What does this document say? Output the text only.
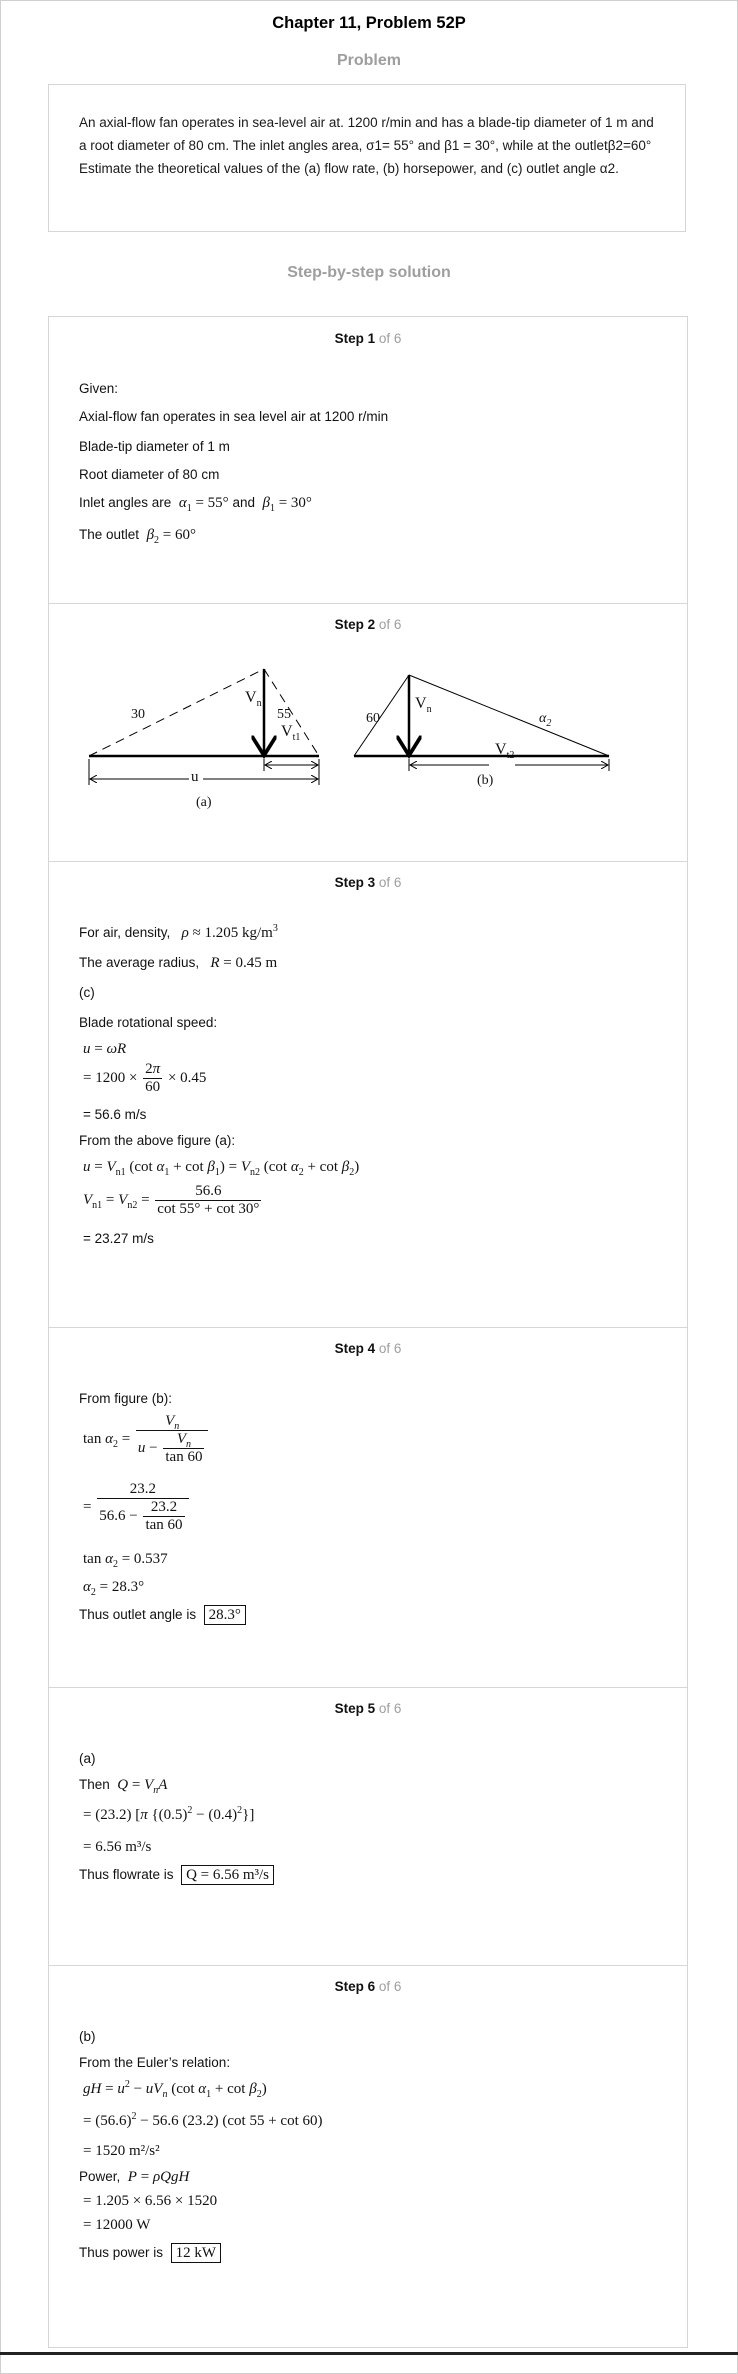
Chapter 11, Problem 52P
Problem
An axial-flow fan operates in sea-level air at. 1200 r/min and has a blade-tip diameter of 1 m and a root diameter of 80 cm. The inlet angles area, σ1= 55° and β1 = 30°, while at the outletβ2=60° Estimate the theoretical values of the (a) flow rate, (b) horsepower, and (c) outlet angle α2.
Step-by-step solution
Step 1 of 6
Given:
Axial-flow fan operates in sea level air at 1200 r/min
Blade-tip diameter of 1 m
Root diameter of 80 cm
Inlet angles are $\alpha_1 = 55^\circ$ and $\beta_1 = 30^\circ$
The outlet $\beta_2 = 60^\circ$
Step 2 of 6
30	55
$V_n$
$V_{t1}$
u
(a)
60
$V_n$
$\alpha_2$
$V_{t2}$
(b)
Step 3 of 6
For air, density, ρ ≈ 1.205 $kg/m^3$
The average radius, R = 0.45 m
(c)
Blade rotational speed:
u = ωR
= $1200 \times \frac{2\pi}{60} \times 0.45$
= 56.6 m/s
From the above figure (a):
$u = V_{n1}$ (cot $\alpha_1 + \cot \beta_1) = V_{n2}$ (cot $\alpha_2 + \cot \beta_2$)
$V_{n1} = V_{n2} = \frac{56.6}{\cot 55^\circ + \cot 30^\circ}$
= 23.27 m/s
Step 4 of 6
From figure (b):
$\tan \alpha_2 = \frac{V_n}{u - \frac{V_n}{\tan 60}}$
= $\frac{23.2}{56.6 - \frac{23.2}{\tan 60}}$
$\tan \alpha_2 = 0.537$
$\alpha_2 = 28.3^\circ$
Thus outlet angle is 28.3°
Step 5 of 6
(a)
Then $Q = V_nA$
= (23.2) [π $\{(0.5)^2 - (0.4)^2\}$]
= 6.56 m³/s
Thus flowrate is Q = 6.56 m³/s
Step 6 of 6
(b)
From the Euler’s relation:
gH = $u^2 - uV_n$ (cot $\alpha_1 + \cot \beta_2$)
= $(56.6)^2 - 56.6$ (23.2) (cot 55 + cot 60)
= 1520 m²/s²
Power, P = ρQgH
= 1.205 × 6.56 × 1520
= 12000 W
Thus power is 12 kW
